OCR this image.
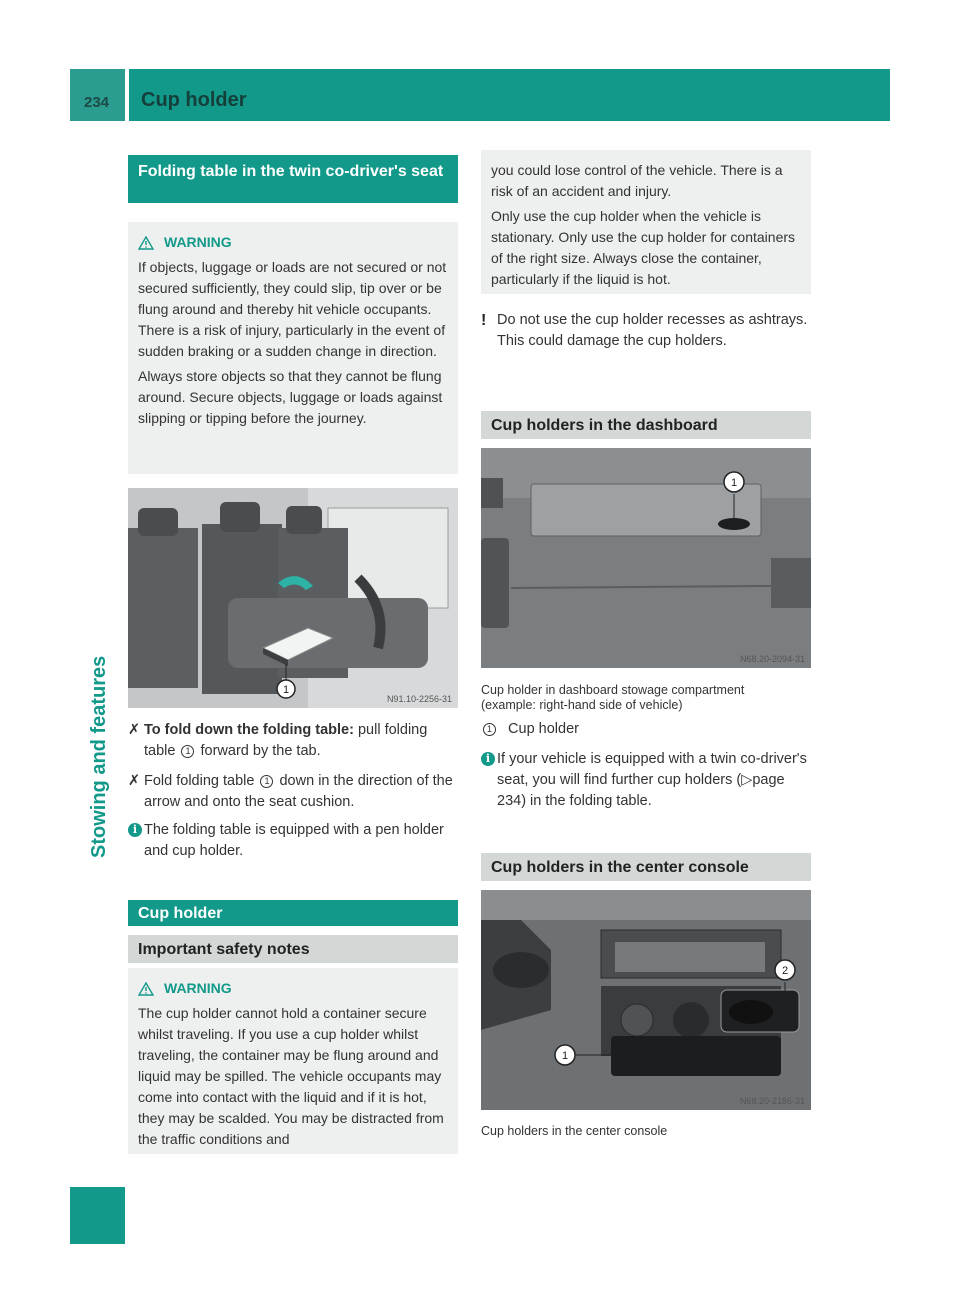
234 Cup holder
Stowing and features
Folding table in the twin co-driver's seat
WARNING

If objects, luggage or loads are not secured or not secured sufficiently, they could slip, tip over or be flung around and thereby hit vehicle occupants. There is a risk of injury, particularly in the event of sudden braking or a sudden change in direction.

Always store objects so that they cannot be flung around. Secure objects, luggage or loads against slipping or tipping before the journey.

1
N91.10-2256-31
✗ To fold down the folding table: pull folding table 1 forward by the tab.
✗ Fold folding table 1 down in the direction of the arrow and onto the seat cushion.
i The folding table is equipped with a pen holder and cup holder.
Cup holder
Important safety notes
WARNING

The cup holder cannot hold a container secure whilst traveling. If you use a cup holder whilst traveling, the container may be flung around and liquid may be spilled. The vehicle occupants may come into contact with the liquid and if it is hot, they may be scalded. You may be distracted from the traffic conditions and

you could lose control of the vehicle. There is a risk of an accident and injury.

Only use the cup holder when the vehicle is stationary. Only use the cup holder for containers of the right size. Always close the container, particularly if the liquid is hot.

! Do not use the cup holder recesses as ashtrays. This could damage the cup holders.
Cup holders in the dashboard
1
N68.20-2094-31
Cup holder in dashboard stowage compartment
(example: right-hand side of vehicle)
1 Cup holder
i If your vehicle is equipped with a twin co-driver's seat, you will find further cup holders (▷page 234) in the folding table.
Cup holders in the center console
2
1
N68.20-2186-31
Cup holders in the center console
